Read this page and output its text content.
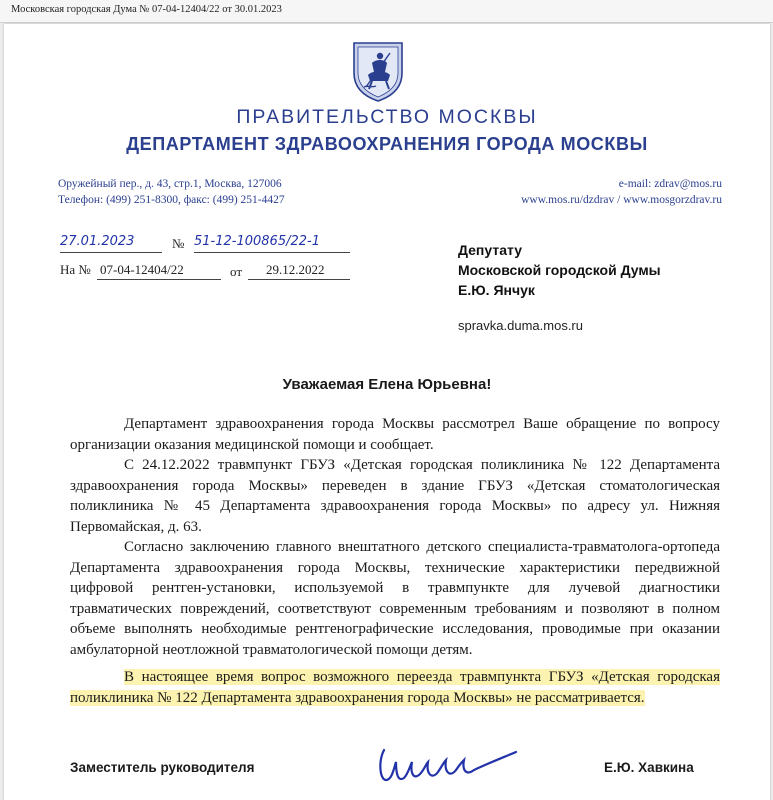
Московская городская Дума № 07-04-12404/22 от 30.01.2023
ПРАВИТЕЛЬСТВО МОСКВЫ
ДЕПАРТАМЕНТ ЗДРАВООХРАНЕНИЯ ГОРОДА МОСКВЫ
Оружейный пер., д. 43, стр.1, Москва, 127006
Телефон: (499) 251-8300, факс: (499) 251-4427
e-mail: zdrav@mos.ru
www.mos.ru/dzdrav / www.mosgorzdrav.ru
27.01.2023	№ 51-12-100865/22-1
На № 07-04-12404/22	от 29.12.2022
Депутату
Московской городской Думы
Е.Ю. Янчук
spravka.duma.mos.ru
Уважаемая Елена Юрьевна!
Департамент здравоохранения города Москвы рассмотрел Ваше обращение по вопросу организации оказания медицинской помощи и сообщает.
С 24.12.2022 травмпункт ГБУЗ «Детская городская поликлиника № 122 Департамента здравоохранения города Москвы» переведен в здание ГБУЗ «Детская стоматологическая поликлиника № 45 Департамента здравоохранения города Москвы» по адресу ул. Нижняя Первомайская, д. 63.
Согласно заключению главного внештатного детского специалиста-травматолога-ортопеда Департамента здравоохранения города Москвы, технические характеристики передвижной цифровой рентген-установки, используемой в травмпункте для лучевой диагностики травматических повреждений, соответствуют современным требованиям и позволяют в полном объеме выполнять необходимые рентгенографические исследования, проводимые при оказании амбулаторной неотложной травматологической помощи детям.
В настоящее время вопрос возможного переезда травмпункта ГБУЗ «Детская городская поликлиника № 122 Департамента здравоохранения города Москвы» не рассматривается.
Заместитель руководителя	Е.Ю. Хавкина
